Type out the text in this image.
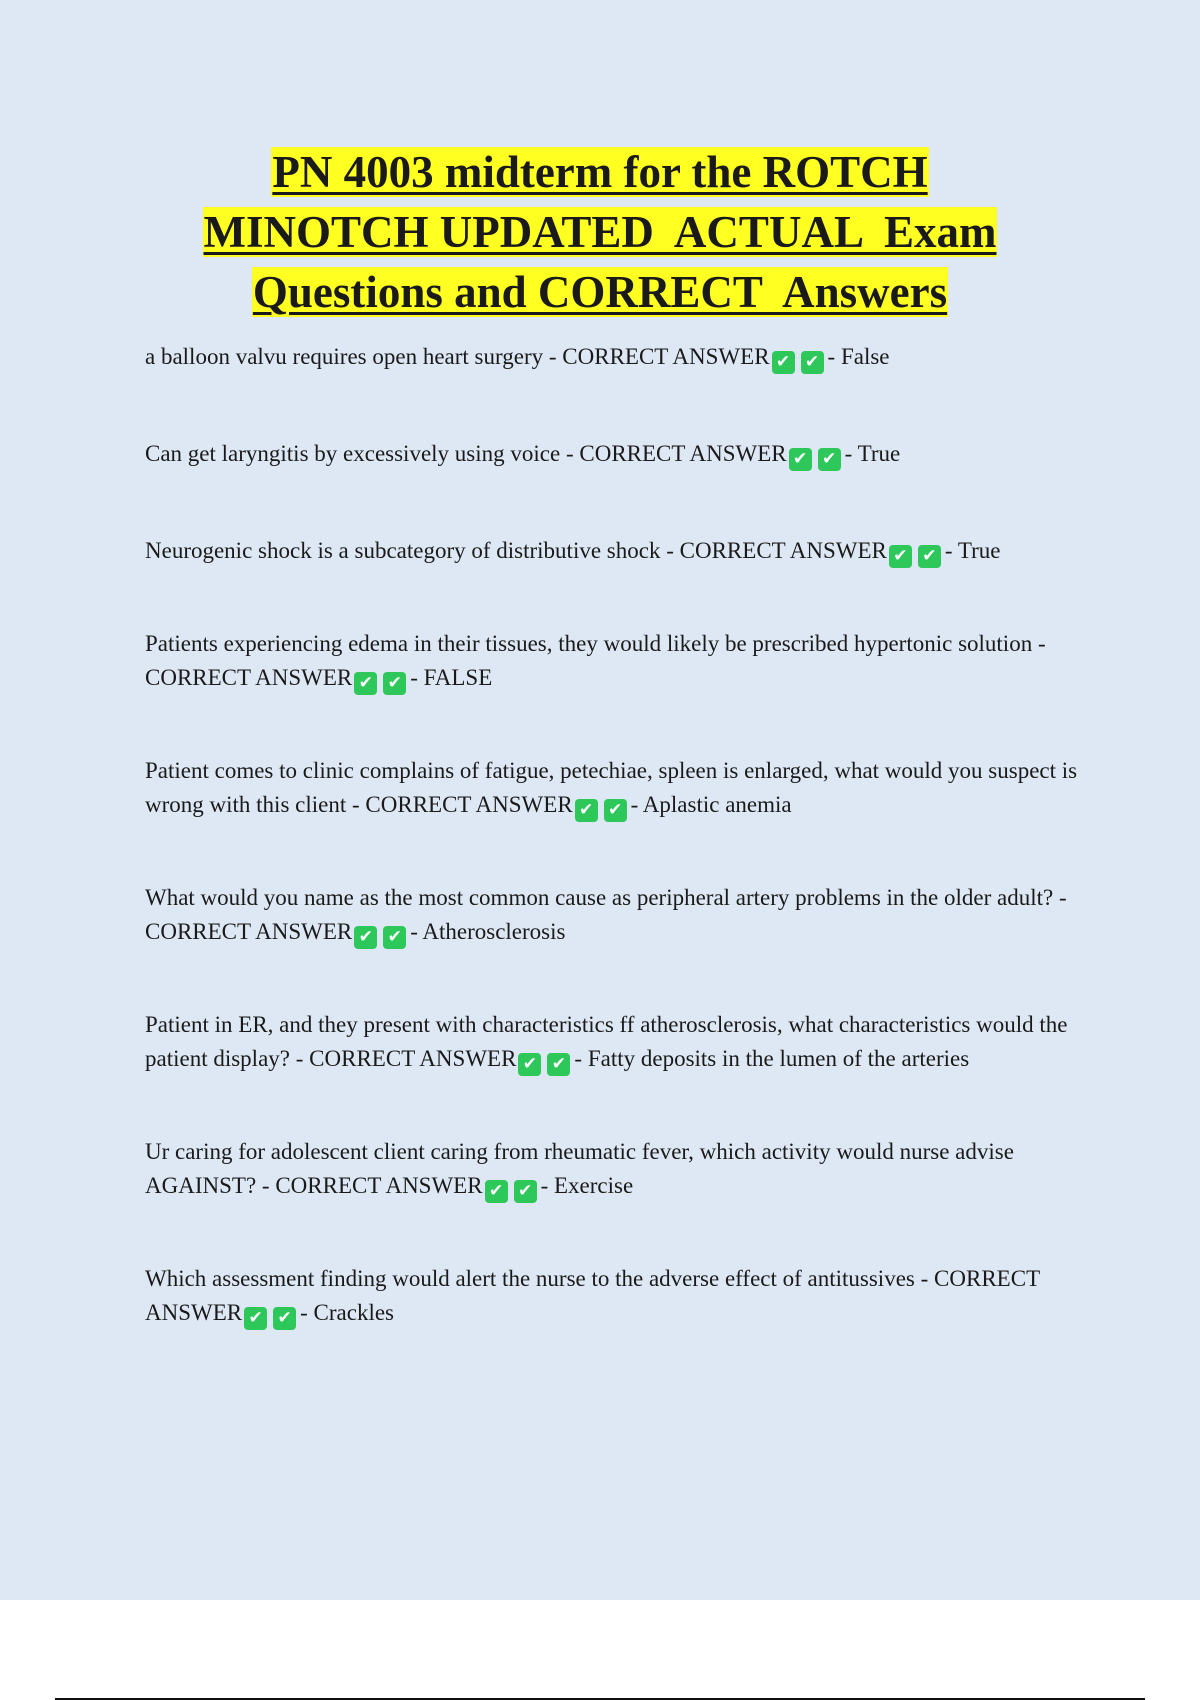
PN 4003 midterm for the ROTCH
MINOTCH UPDATED  ACTUAL  Exam
Questions and CORRECT  Answers
a balloon valvu requires open heart surgery - CORRECT ANSWER ✔ ✔ - False
Can get laryngitis by excessively using voice - CORRECT ANSWER ✔ ✔ - True
Neurogenic shock is a subcategory of distributive shock - CORRECT ANSWER ✔ ✔ - True
Patients experiencing edema in their tissues, they would likely be prescribed hypertonic solution - CORRECT ANSWER ✔ ✔ - FALSE
Patient comes to clinic complains of fatigue, petechiae, spleen is enlarged, what would you suspect is wrong with this client - CORRECT ANSWER ✔ ✔ - Aplastic anemia
What would you name as the most common cause as peripheral artery problems in the older adult? - CORRECT ANSWER ✔ ✔ - Atherosclerosis
Patient in ER, and they present with characteristics ff atherosclerosis, what characteristics would the patient display? - CORRECT ANSWER ✔ ✔ - Fatty deposits in the lumen of the arteries
Ur caring for adolescent client caring from rheumatic fever, which activity would nurse advise AGAINST? - CORRECT ANSWER ✔ ✔ - Exercise
Which assessment finding would alert the nurse to the adverse effect of antitussives - CORRECT ANSWER ✔ ✔ - Crackles
